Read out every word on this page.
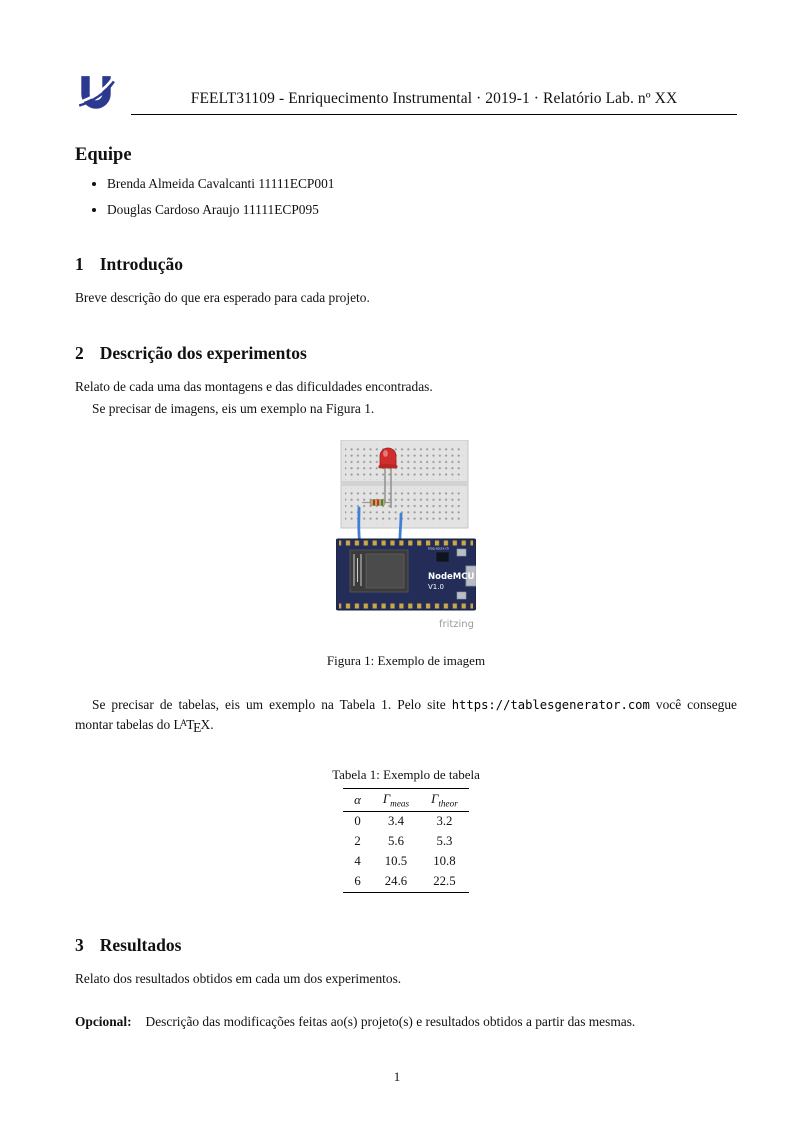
FEELT31109 - Enriquecimento Instrumental · 2019-1 · Relatório Lab. nº XX
Equipe
• Brenda Almeida Cavalcanti 11111ECP001
• Douglas Cardoso Araujo 11111ECP095
1 Introdução

Breve descrição do que era esperado para cada projeto.

2 Descrição dos experimentos

Relato de cada uma das montagens e das dificuldades encontradas.

Se precisar de imagens, eis um exemplo na Figura 1.

blog·squix·ch
NodeMCU
V1.0
fritzing
Figura 1: Exemplo de imagem

Se precisar de tabelas, eis um exemplo na Tabela 1. Pelo site https://tablesgenerator.com você consegue montar tabelas do LATEX.

Tabela 1: Exemplo de tabela
α	$\Gamma_{meas}$	$\Gamma_{theor}$
0	3.4	3.2
2	5.6	5.3
4	10.5	10.8
6	24.6	22.5
3 Resultados

Relato dos resultados obtidos em cada um dos experimentos.

Opcional: Descrição das modificações feitas ao(s) projeto(s) e resultados obtidos a partir das mesmas.

1
